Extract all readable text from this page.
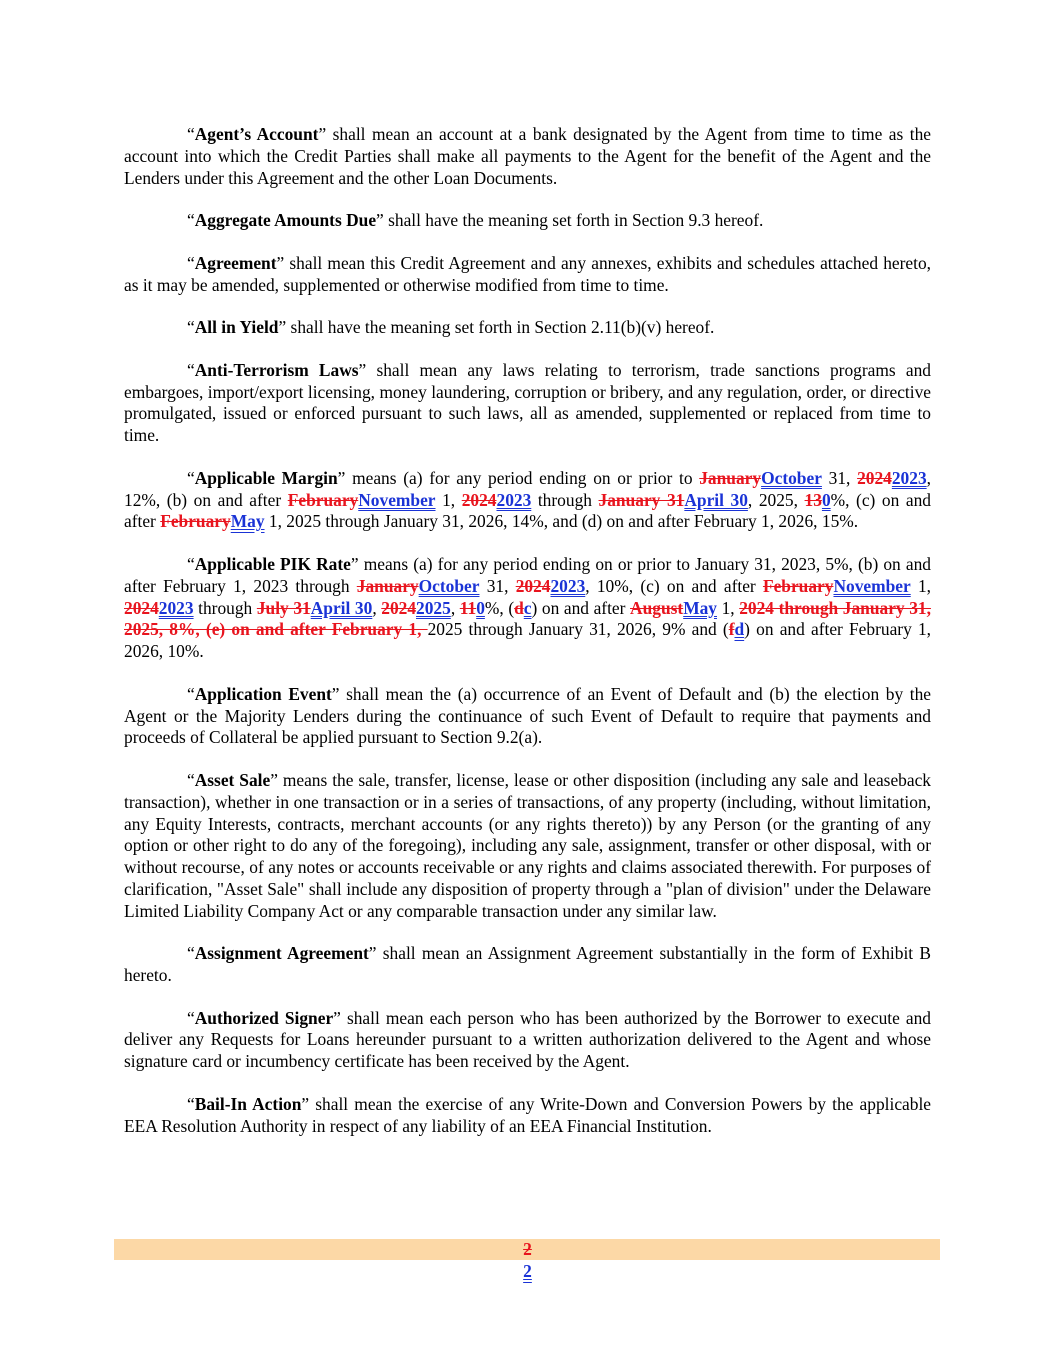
“Agent’s Account” shall mean an account at a bank designated by the Agent from time to time as the account into which the Credit Parties shall make all payments to the Agent for the benefit of the Agent and the Lenders under this Agreement and the other Loan Documents.

“Aggregate Amounts Due” shall have the meaning set forth in Section 9.3 hereof.

“Agreement” shall mean this Credit Agreement and any annexes, exhibits and schedules attached hereto, as it may be amended, supplemented or otherwise modified from time to time.

“All in Yield” shall have the meaning set forth in Section 2.11(b)(v) hereof.

“Anti-Terrorism Laws” shall mean any laws relating to terrorism, trade sanctions programs and embargoes, import/export licensing, money laundering, corruption or bribery, and any regulation, order, or directive promulgated, issued or enforced pursuant to such laws, all as amended, supplemented or replaced from time to time.

“Applicable Margin” means (a) for any period ending on or prior to JanuaryOctober 31, 20242023, 12%, (b) on and after FebruaryNovember 1, 20242023 through January 31April 30, 2025, 130%, (c) on and after FebruaryMay 1, 2025 through January 31, 2026, 14%, and (d) on and after February 1, 2026, 15%.

“Applicable PIK Rate” means (a) for any period ending on or prior to January 31, 2023, 5%, (b) on and after February 1, 2023 through JanuaryOctober 31, 20242023, 10%, (c) on and after FebruaryNovember 1, 20242023 through July 31April 30, 20242025, 110%, (dc) on and after AugustMay 1, 2024 through January 31, 2025, 8%, (e) on and after February 1, 2025 through January 31, 2026, 9% and (fd) on and after February 1, 2026, 10%.

“Application Event” shall mean the (a) occurrence of an Event of Default and (b) the election by the Agent or the Majority Lenders during the continuance of such Event of Default to require that payments and proceeds of Collateral be applied pursuant to Section 9.2(a).

“Asset Sale” means the sale, transfer, license, lease or other disposition (including any sale and leaseback transaction), whether in one transaction or in a series of transactions, of any property (including, without limitation, any Equity Interests, contracts, merchant accounts (or any rights thereto)) by any Person (or the granting of any option or other right to do any of the foregoing), including any sale, assignment, transfer or other disposal, with or without recourse, of any notes or accounts receivable or any rights and claims associated therewith. For purposes of clarification, "Asset Sale" shall include any disposition of property through a "plan of division" under the Delaware Limited Liability Company Act or any comparable transaction under any similar law.

“Assignment Agreement” shall mean an Assignment Agreement substantially in the form of Exhibit B hereto.

“Authorized Signer” shall mean each person who has been authorized by the Borrower to execute and deliver any Requests for Loans hereunder pursuant to a written authorization delivered to the Agent and whose signature card or incumbency certificate has been received by the Agent.

“Bail-In Action” shall mean the exercise of any Write-Down and Conversion Powers by the applicable EEA Resolution Authority in respect of any liability of an EEA Financial Institution.

2
2
